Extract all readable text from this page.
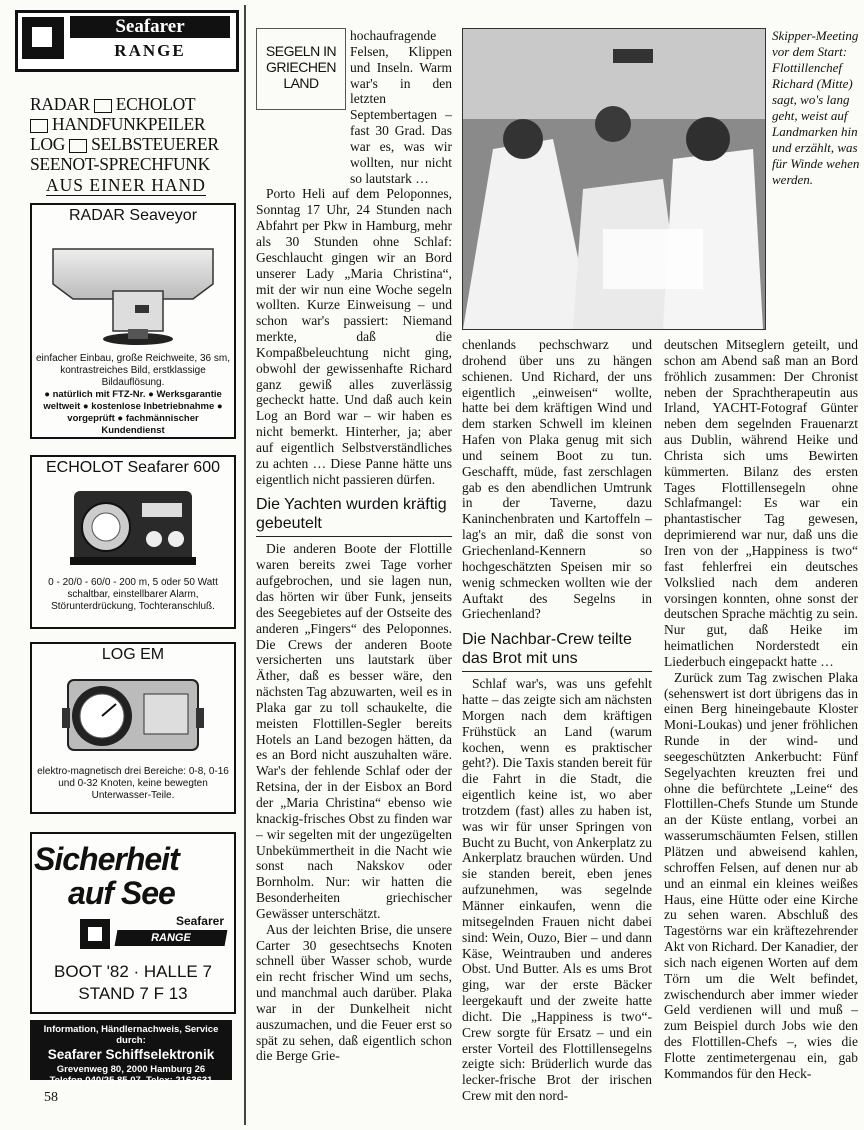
Seafarer
RANGE
RADAR ECHOLOT
HANDFUNKPEILER
LOG SELBSTEUERER
SEENOT-SPRECHFUNK
AUS EINER HAND
RADAR Seaveyor
einfacher Einbau, große Reichweite, 36 sm, kontrastreiches Bild, erstklassige Bildauflösung.
● natürlich mit FTZ-Nr. ● Werksgarantie weltweit ● kostenlose Inbetriebnahme ● vorgeprüft ● fachmännischer Kundendienst
ECHOLOT Seafarer 600
0 - 20/0 - 60/0 - 200 m, 5 oder 50 Watt schaltbar, einstellbarer Alarm, Störunterdrückung, Tochteranschluß.
LOG EM
elektro-magnetisch drei Bereiche: 0-8, 0-16 und 0-32 Knoten, keine bewegten Unterwasser-Teile.
Sicherheit
auf See
Seafarer
RANGE
BOOT '82 · HALLE 7
STAND 7 F 13
Information, Händlernachweis, Service durch:
Seafarer Schiffselektronik
Grevenweg 80, 2000 Hamburg 26
Telefon 040/25 85 07, Telex: 2163631
58
SEGELN IN
GRIECHEN
LAND

hochaufragende Felsen, Klippen und Inseln. Warm war's in den letzten Septembertagen – fast 30 Grad. Das war es, was wir wollten, nur nicht so lautstark …

Porto Heli auf dem Peloponnes, Sonntag 17 Uhr, 24 Stunden nach Abfahrt per Pkw in Hamburg, mehr als 30 Stunden ohne Schlaf: Geschlaucht gingen wir an Bord unserer Lady „Maria Christina“, mit der wir nun eine Woche segeln wollten. Kurze Einweisung – und schon war's passiert: Niemand merkte, daß die Kompaßbeleuchtung nicht ging, obwohl der gewissenhafte Richard ganz gewiß alles zuverlässig gecheckt hatte. Und daß auch kein Log an Bord war – wir haben es nicht bemerkt. Hinterher, ja; aber auf eigentlich Selbstverständliches zu achten … Diese Panne hätte uns eigentlich nicht passieren dürfen.

Die Yachten wurden kräftig gebeutelt

Die anderen Boote der Flottille waren bereits zwei Tage vorher aufgebrochen, und sie lagen nun, das hörten wir über Funk, jenseits des Seegebietes auf der Ostseite des anderen „Fingers“ des Peloponnes. Die Crews der anderen Boote versicherten uns lautstark über Äther, daß es besser wäre, den nächsten Tag abzuwarten, weil es in Plaka gar zu toll schaukelte, die meisten Flottillen-Segler bereits Hotels an Land bezogen hätten, da es an Bord nicht auszuhalten wäre. War's der fehlende Schlaf oder der Retsina, der in der Eisbox an Bord der „Maria Christina“ ebenso wie knackig-frisches Obst zu finden war – wir segelten mit der ungezügelten Unbekümmertheit in die Nacht wie sonst nach Nakskov oder Bornholm. Nur: wir hatten die Besonderheiten griechischer Gewässer unterschätzt.

Aus der leichten Brise, die unsere Carter 30 gesechtsechs Knoten schnell über Wasser schob, wurde ein recht frischer Wind um sechs, und manchmal auch darüber. Plaka war in der Dunkelheit nicht auszumachen, und die Feuer erst so spät zu sehen, daß eigentlich schon die Berge Grie-

Skipper-Meeting vor dem Start: Flottillenchef Richard (Mitte) sagt, wo's lang geht, weist auf Landmarken hin und erzählt, was für Winde wehen werden.

chenlands pechschwarz und drohend über uns zu hängen schienen. Und Richard, der uns eigentlich „einweisen“ wollte, hatte bei dem kräftigen Wind und dem starken Schwell im kleinen Hafen von Plaka genug mit sich und seinem Boot zu tun. Geschafft, müde, fast zerschlagen gab es den abendlichen Umtrunk in der Taverne, dazu Kaninchenbraten und Kartoffeln – lag's an mir, daß die sonst von Griechenland-Kennern so hochgeschätzten Speisen mir so wenig schmecken wollten wie der Auftakt des Segelns in Griechenland?

Die Nachbar-Crew teilte das Brot mit uns

Schlaf war's, was uns gefehlt hatte – das zeigte sich am nächsten Morgen nach dem kräftigen Frühstück an Land (warum kochen, wenn es praktischer geht?). Die Taxis standen bereit für die Fahrt in die Stadt, die eigentlich keine ist, wo aber trotzdem (fast) alles zu haben ist, was wir für unser Springen von Bucht zu Bucht, von Ankerplatz zu Ankerplatz brauchen würden. Und sie standen bereit, eben jenes aufzunehmen, was segelnde Männer einkaufen, wenn die mitsegelnden Frauen nicht dabei sind: Wein, Ouzo, Bier – und dann Käse, Weintrauben und anderes Obst. Und Butter. Als es ums Brot ging, war der erste Bäcker leergekauft und der zweite hatte dicht. Die „Happiness is two“-Crew sorgte für Ersatz – und ein erster Vorteil des Flottillensegelns zeigte sich: Brüderlich wurde das lecker-frische Brot der irischen Crew mit den nord-

deutschen Mitseglern geteilt, und schon am Abend saß man an Bord fröhlich zusammen: Der Chronist neben der Sprachtherapeutin aus Irland, YACHT-Fotograf Günter neben dem segelnden Frauenarzt aus Dublin, während Heike und Christa sich ums Bewirten kümmerten. Bilanz des ersten Tages Flottillensegeln ohne Schlafmangel: Es war ein phantastischer Tag gewesen, deprimierend war nur, daß uns die Iren von der „Happiness is two“ fast fehlerfrei ein deutsches Volkslied nach dem anderen vorsingen konnten, ohne sonst der deutschen Sprache mächtig zu sein. Nur gut, daß Heike im heimatlichen Norderstedt ein Liederbuch eingepackt hatte …

Zurück zum Tag zwischen Plaka (sehenswert ist dort übrigens das in einen Berg hineingebaute Kloster Moni-Loukas) und jener fröhlichen Runde in der wind- und seegeschützten Ankerbucht: Fünf Segelyachten kreuzten frei und ohne die befürchtete „Leine“ des Flottillen-Chefs Stunde um Stunde an der Küste entlang, vorbei an wasserumschäumten Felsen, stillen Plätzen und abweisend kahlen, schroffen Felsen, auf denen nur ab und an einmal ein kleines weißes Haus, eine Hütte oder eine Kirche zu sehen waren. Abschluß des Tagestörns war ein kräftezehrender Akt von Richard. Der Kanadier, der sich nach eigenen Worten auf dem Törn um die Welt befindet, zwischendurch aber immer wieder Geld verdienen will und muß – zum Beispiel durch Jobs wie den des Flottillen-Chefs –, wies die Flotte zentimetergenau ein, gab Kommandos für den Heck-
